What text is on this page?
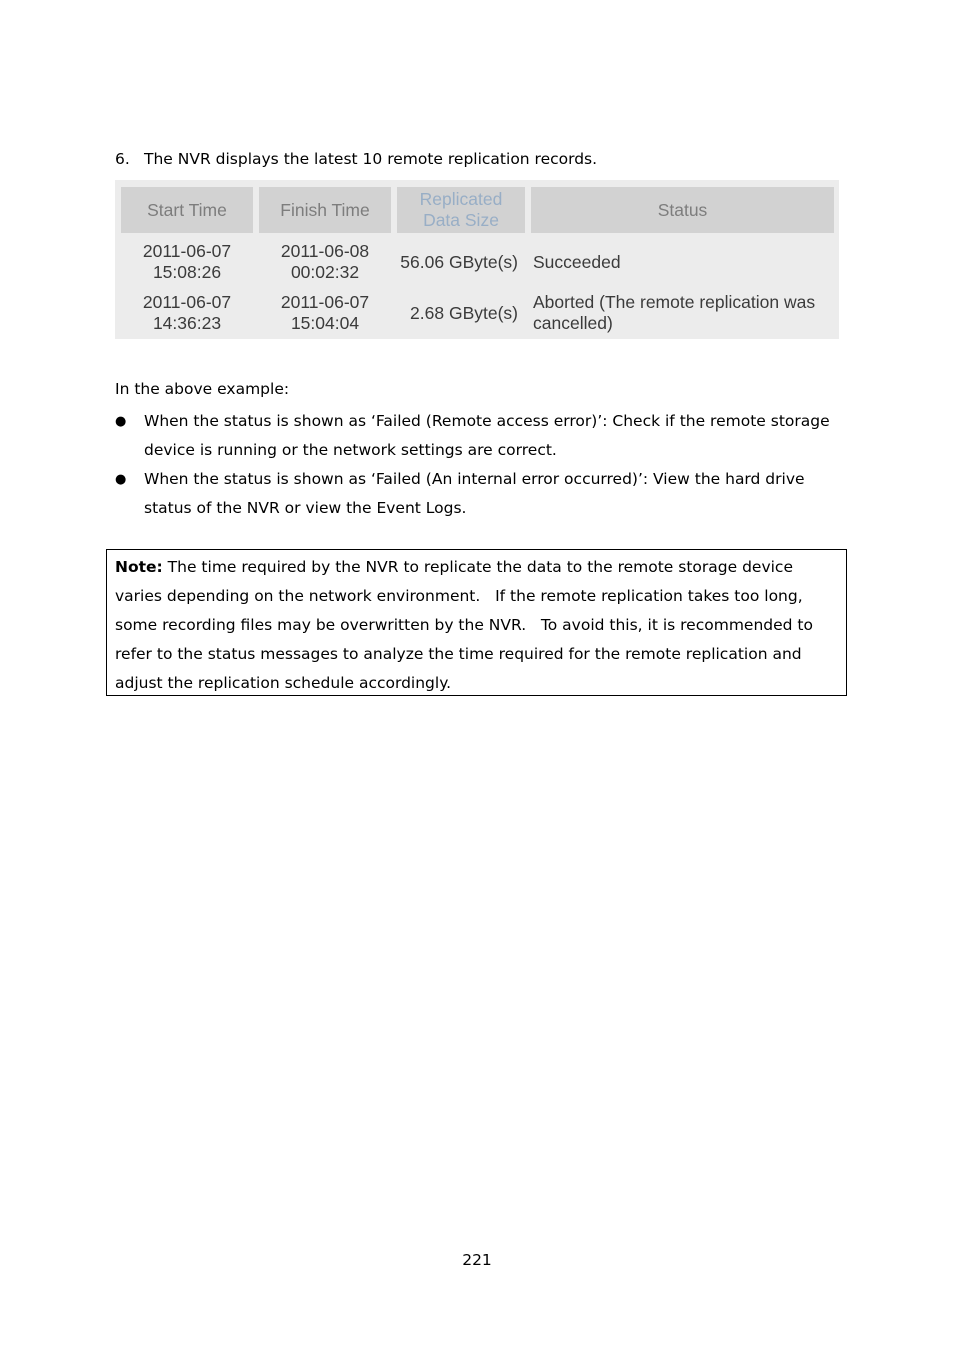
6. The NVR displays the latest 10 remote replication records.
Start Time	Finish Time
Replicated Data Size
Status
2011-06-07
15:08:26
2011-06-08
00:02:32
56.06 GByte(s) Succeeded
2011-06-07
14:36:23
2011-06-07
15:04:04
2.68 GByte(s)
Aborted (The remote replication was
cancelled)
In the above example:
● When the status is shown as ‘Failed (Remote access error)’: Check if the remote storage
device is running or the network settings are correct.
● When the status is shown as ‘Failed (An internal error occurred)’: View the hard drive
status of the NVR or view the Event Logs.
Note: The time required by the NVR to replicate the data to the remote storage device
varies depending on the network environment.   If the remote replication takes too long,
some recording files may be overwritten by the NVR.   To avoid this, it is recommended to
refer to the status messages to analyze the time required for the remote replication and
adjust the replication schedule accordingly.
221
